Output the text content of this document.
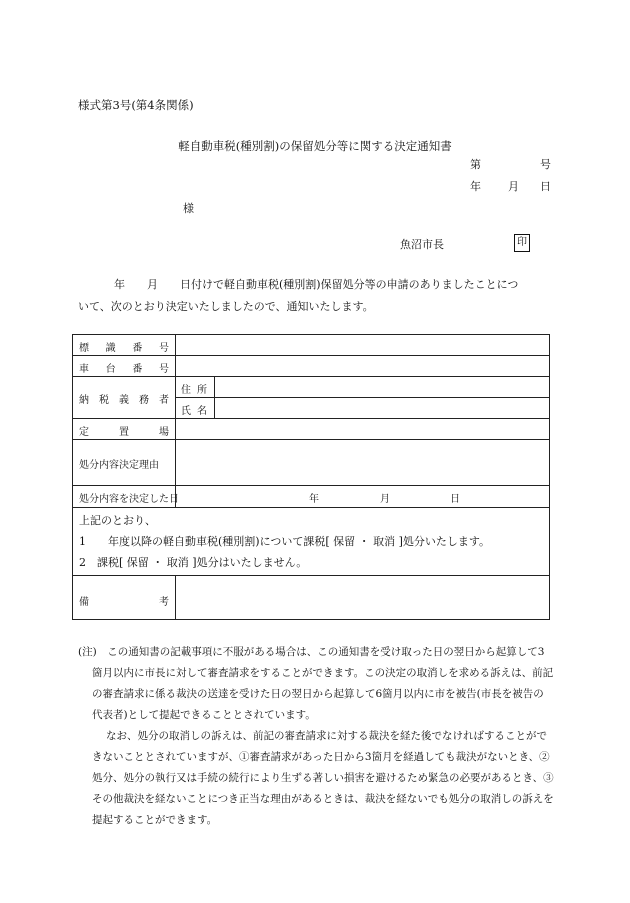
様式第3号(第4条関係)
軽自動車税(種別割)の保留処分等に関する決定通知書
第	号
年 月 日
様
魚沼市長	印
年　　月　　日付けで軽自動車税(種別割)保留処分等の申請のありましたことにつ
いて、次のとおり決定いたしましたので、通知いたします。
標 識 番 号
車 台 番 号
納 税 義 務 者
住 所
氏 名
定	置	場
処分内容決定理由
処 分 内 容 を 決 定 し た 日	年	月	日
上記のとおり、
1　　年度以降の軽自動車税(種別割)について課税[ 保留 ・ 取消 ]処分いたします。
2　課税[ 保留 ・ 取消 ]処分はいたしません。
備	考
(注)　この通知書の記載事項に不服がある場合は、この通知書を受け取った日の翌日から起算して3箇月以内に市長に対して審査請求をすることができます。この決定の取消しを求める訴えは、前記の審査請求に係る裁決の送達を受けた日の翌日から起算して6箇月以内に市を被告(市長を被告の代表者)として提起できることとされています。
なお、処分の取消しの訴えは、前記の審査請求に対する裁決を経た後でなければすることができないこととされていますが、①審査請求があった日から3箇月を経過しても裁決がないとき、②処分、処分の執行又は手続の続行により生ずる著しい損害を避けるため緊急の必要があるとき、③その他裁決を経ないことにつき正当な理由があるときは、裁決を経ないでも処分の取消しの訴えを提起することができます。
